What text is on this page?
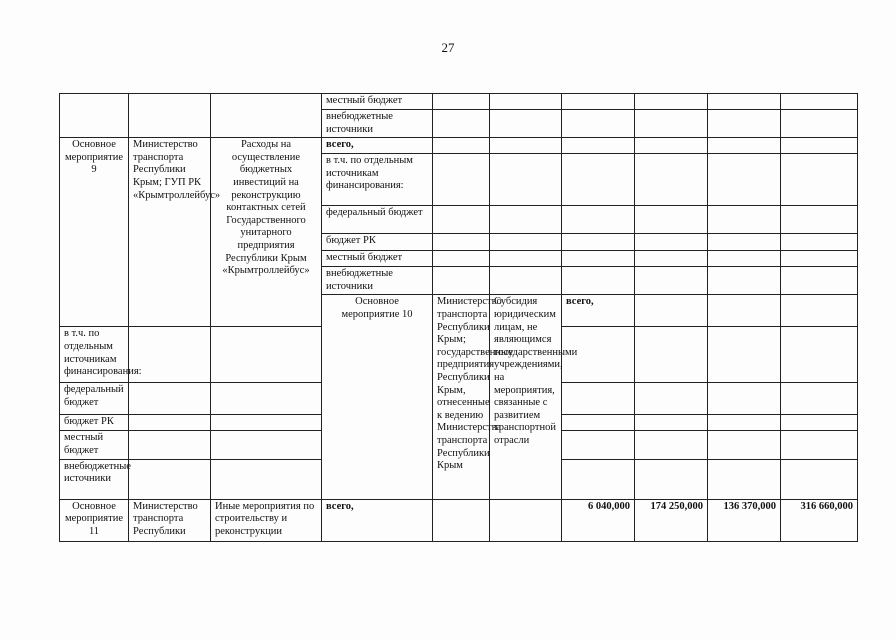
27
			местный бюджет							
			внебюджетные источники							
Основное мероприятие 9	Министерство транспорта Республики Крым; ГУП РК «Крымтроллейбус»	Расходы на осуществление бюджетных инвестиций на реконструкцию контактных сетей Государственного унитарного предприятия Республики Крым «Крымтроллейбус»	всего,							
			в т.ч. по отдельным источникам финансирования:							
			федеральный бюджет							
			бюджет РК							
			местный бюджет							
			внебюджетные источники							
			Основное мероприятие 10	Министерство транспорта Республики Крым; государственные предприятия Республики Крым, отнесенные к ведению Министерства транспорта Республики Крым	Субсидия юридическим лицам, не являющимся государственными учреждениями, на мероприятия, связанные с развитием транспортной отрасли	всего,						
в т.ч. по отдельным источникам финансирования:										
федеральный бюджет										
бюджет РК										
местный бюджет										
внебюджетные источники										
Основное мероприятие 11	Министерство транспорта Республики	Иные мероприятия по строительству и реконструкции	всего,			6 040,000	174 250,000	136 370,000	316 660,000	
